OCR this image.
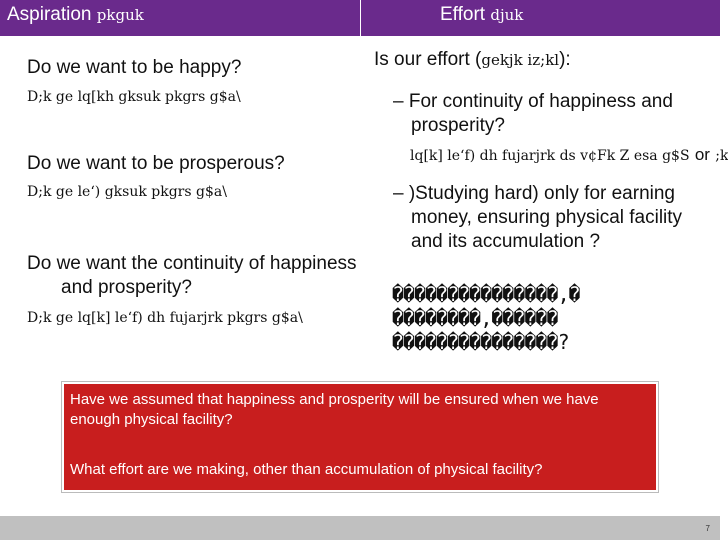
Aspiration pkguk	Effort djuk
Do we want to be happy?
D;k ge lq[kh gksuk pkgrs g$a\
Do we want to be prosperous?
D;k ge le‘) gksuk pkgrs g$a\
Do we want the continuity of happiness and prosperity?
D;k ge lq[k] le‘f) dh fujarjrk pkgrs g$a\
Is our effort (gekjk iz;kl):
– For continuity of happiness and prosperity?
lq[k] le‘f) dh fujarjrk ds v¢Fk Z esa g$S or ;k
– )Studying hard) only for earning money, ensuring physical facility and its accumulation ?
���������������,�
��������,������
���������������?
Have we assumed that happiness and prosperity will be ensured when we have enough physical facility?
What effort are we making, other than accumulation of physical facility?
7
